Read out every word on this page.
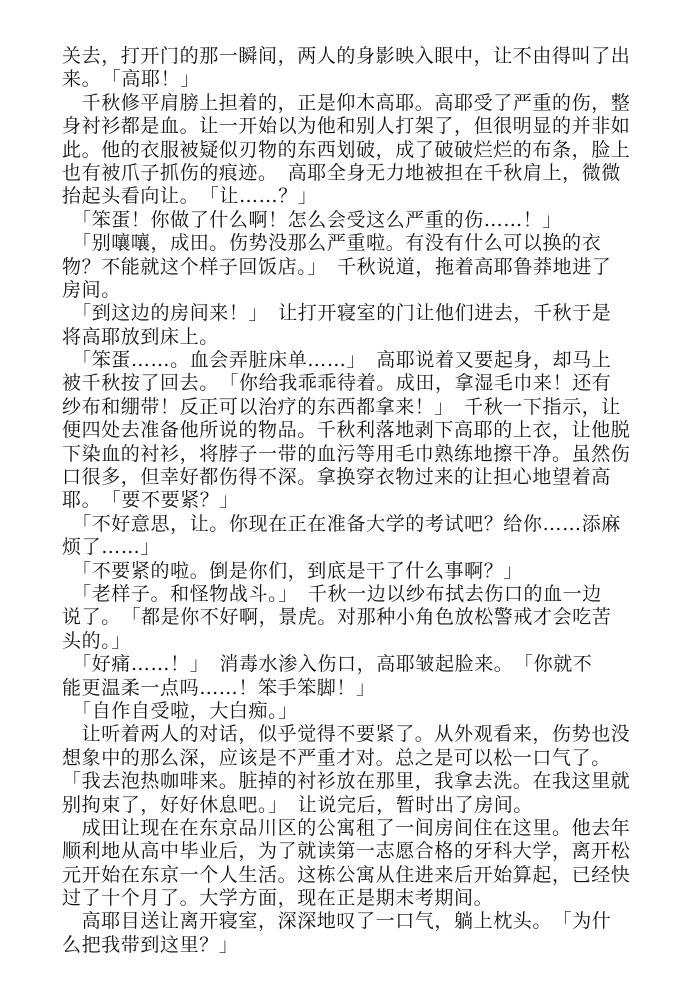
关去，打开门的那一瞬间，两人的身影映入眼中，让不由得叫了出
来。　「高耶！」
　千秋修平肩膀上担着的，正是仰木高耶。高耶受了严重的伤，整
身衬衫都是血。让一开始以为他和别人打架了，但很明显的并非如
此。他的衣服被疑似刃物的东西划破，成了破破烂烂的布条，脸上
也有被爪子抓伤的痕迹。　高耶全身无力地被担在千秋肩上，微微
抬起头看向让。　「让……？」
　「笨蛋！你做了什么啊！怎么会受这么严重的伤……！」
　「别嚷嚷，成田。伤势没那么严重啦。有没有什么可以换的衣
物？不能就这个样子回饭店。」　千秋说道，拖着高耶鲁莽地进了
房间。
　「到这边的房间来！」　让打开寝室的门让他们进去，千秋于是
将高耶放到床上。
　「笨蛋……。血会弄脏床单……」　高耶说着又要起身，却马上
被千秋按了回去。　「你给我乖乖待着。成田，拿湿毛巾来！还有
纱布和绷带！反正可以治疗的东西都拿来！」　千秋一下指示，让
便四处去准备他所说的物品。千秋利落地剥下高耶的上衣，让他脱
下染血的衬衫，将脖子一带的血污等用毛巾熟练地擦干净。虽然伤
口很多，但幸好都伤得不深。拿换穿衣物过来的让担心地望着高
耶。　「要不要紧？」
　「不好意思，让。你现在正在准备大学的考试吧？给你……添麻
烦了……」
　「不要紧的啦。倒是你们，到底是干了什么事啊？」
　「老样子。和怪物战斗。」　千秋一边以纱布拭去伤口的血一边
说了。　「都是你不好啊，景虎。对那种小角色放松警戒才会吃苦
头的。」
　「好痛……！」　消毒水渗入伤口，高耶皱起脸来。　「你就不
能更温柔一点吗……！笨手笨脚！」
　「自作自受啦，大白痴。」
　让听着两人的对话，似乎觉得不要紧了。从外观看来，伤势也没
想象中的那么深，应该是不严重才对。总之是可以松一口气了。
「我去泡热咖啡来。脏掉的衬衫放在那里，我拿去洗。在我这里就
别拘束了，好好休息吧。」　让说完后，暂时出了房间。
　成田让现在在东京品川区的公寓租了一间房间住在这里。他去年
顺利地从高中毕业后，为了就读第一志愿合格的牙科大学，离开松
元开始在东京一个人生活。这栋公寓从住进来后开始算起，已经快
过了十个月了。大学方面，现在正是期末考期间。
　高耶目送让离开寝室，深深地叹了一口气，躺上枕头。　「为什
么把我带到这里？」
